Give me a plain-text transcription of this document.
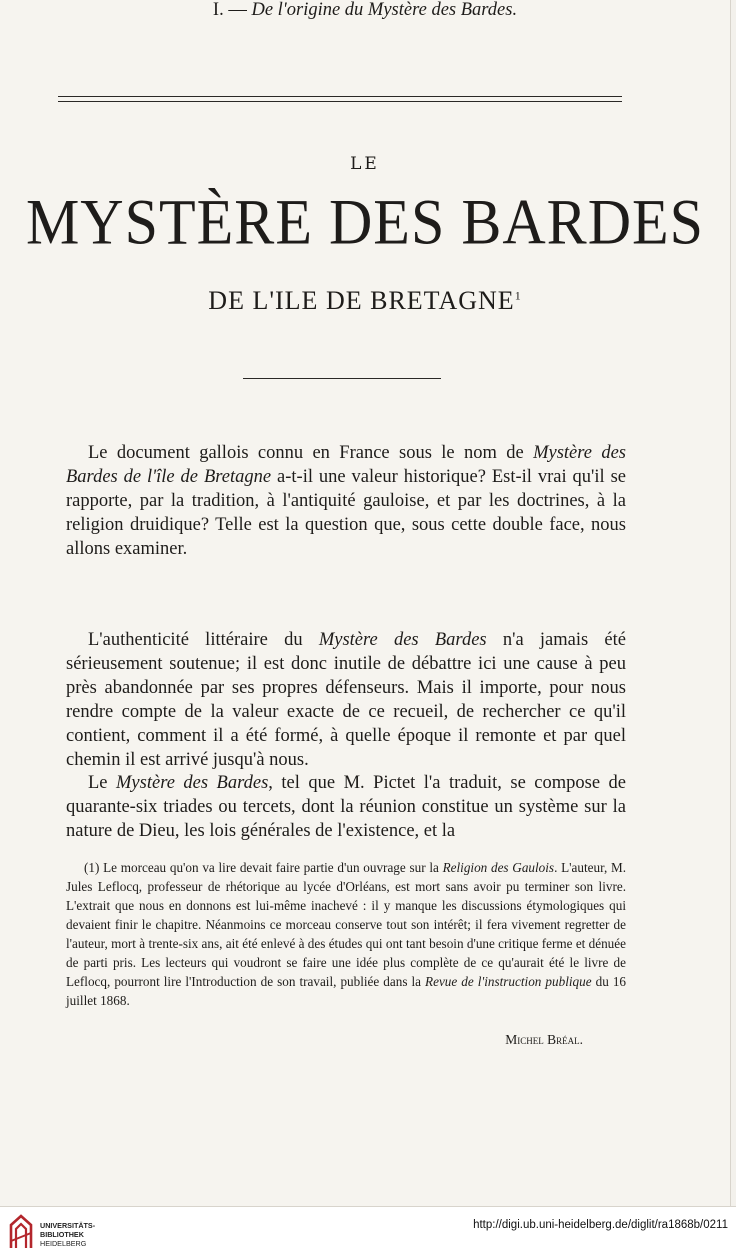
LE
MYSTÈRE DES BARDES
DE L'ILE DE BRETAGNE$^1$

Le document gallois connu en France sous le nom de Mystère des Bardes de l'île de Bretagne a-t-il une valeur historique? Est-il vrai qu'il se rapporte, par la tradition, à l'antiquité gauloise, et par les doctrines, à la religion druidique? Telle est la question que, sous cette double face, nous allons examiner.

I. — De l'origine du Mystère des Bardes.

L'authenticité littéraire du Mystère des Bardes n'a jamais été sérieusement soutenue; il est donc inutile de débattre ici une cause à peu près abandonnée par ses propres défenseurs. Mais il importe, pour nous rendre compte de la valeur exacte de ce recueil, de rechercher ce qu'il contient, comment il a été formé, à quelle époque il remonte et par quel chemin il est arrivé jusqu'à nous.

Le Mystère des Bardes, tel que M. Pictet l'a traduit, se compose de quarante-six triades ou tercets, dont la réunion constitue un système sur la nature de Dieu, les lois générales de l'existence, et la

(1) Le morceau qu'on va lire devait faire partie d'un ouvrage sur la Religion des Gaulois. L'auteur, M. Jules Leflocq, professeur de rhétorique au lycée d'Orléans, est mort sans avoir pu terminer son livre. L'extrait que nous en donnons est lui-même inachevé : il y manque les discussions étymologiques qui devaient finir le chapitre. Néanmoins ce morceau conserve tout son intérêt; il fera vivement regretter de l'auteur, mort à trente-six ans, ait été enlevé à des études qui ont tant besoin d'une critique ferme et dénuée de parti pris. Les lecteurs qui voudront se faire une idée plus complète de ce qu'aurait été le livre de Leflocq, pourront lire l'Introduction de son travail, publiée dans la Revue de l'instruction publique du 16 juillet 1868.

Michel Bréal.
UNIVERSITÄTS-
BIBLIOTHEK
HEIDELBERG
http://digi.ub.uni-heidelberg.de/diglit/ra1868b/0211
